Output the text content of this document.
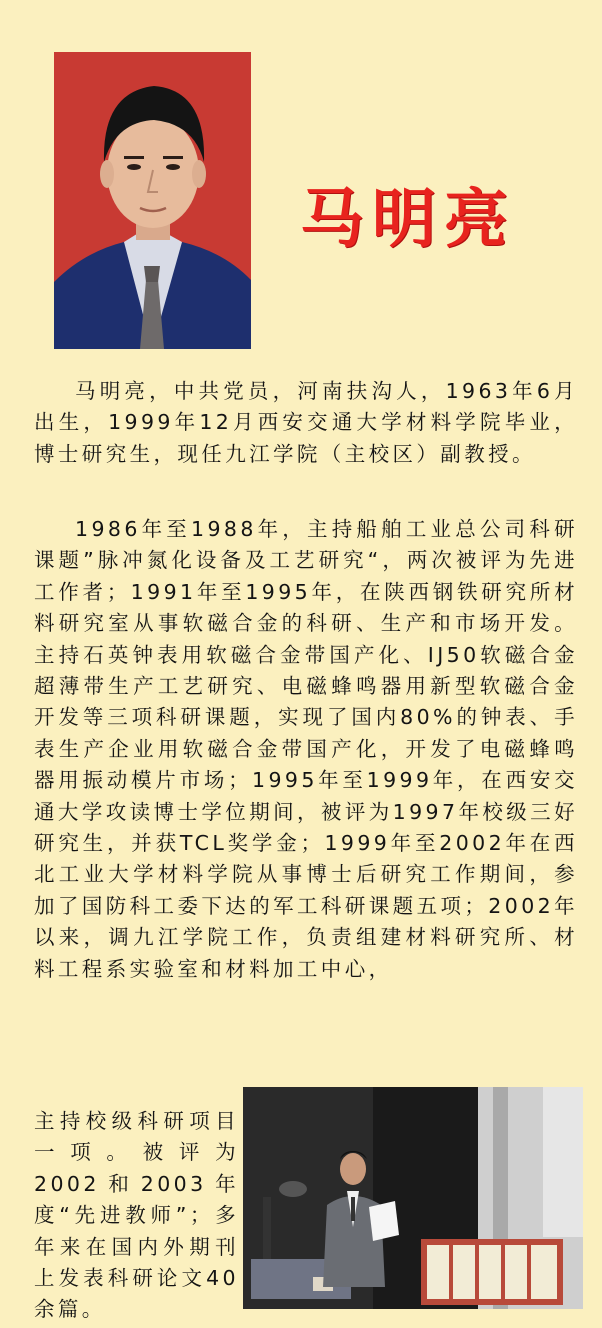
马明亮

马明亮，中共党员，河南扶沟人，1963年6月出生，1999年12月西安交通大学材料学院毕业，博士研究生，现任九江学院（主校区）副教授。

1986年至1988年，主持船舶工业总公司科研课题”脉冲氮化设备及工艺研究“，两次被评为先进工作者；1991年至1995年，在陕西钢铁研究所材料研究室从事软磁合金的科研、生产和市场开发。主持石英钟表用软磁合金带国产化、IJ50软磁合金超薄带生产工艺研究、电磁蜂鸣器用新型软磁合金开发等三项科研课题，实现了国内80%的钟表、手表生产企业用软磁合金带国产化，开发了电磁蜂鸣器用振动模片市场；1995年至1999年，在西安交通大学攻读博士学位期间，被评为1997年校级三好研究生，并获TCL奖学金；1999年至2002年在西北工业大学材料学院从事博士后研究工作期间，参加了国防科工委下达的军工科研课题五项；2002年以来，调九江学院工作，负责组建材料研究所、材料工程系实验室和材料加工中心，

主持校级科研项目一项。被评为2002和2003年度“先进教师”；多年来在国内外期刊上发表科研论文40余篇。
